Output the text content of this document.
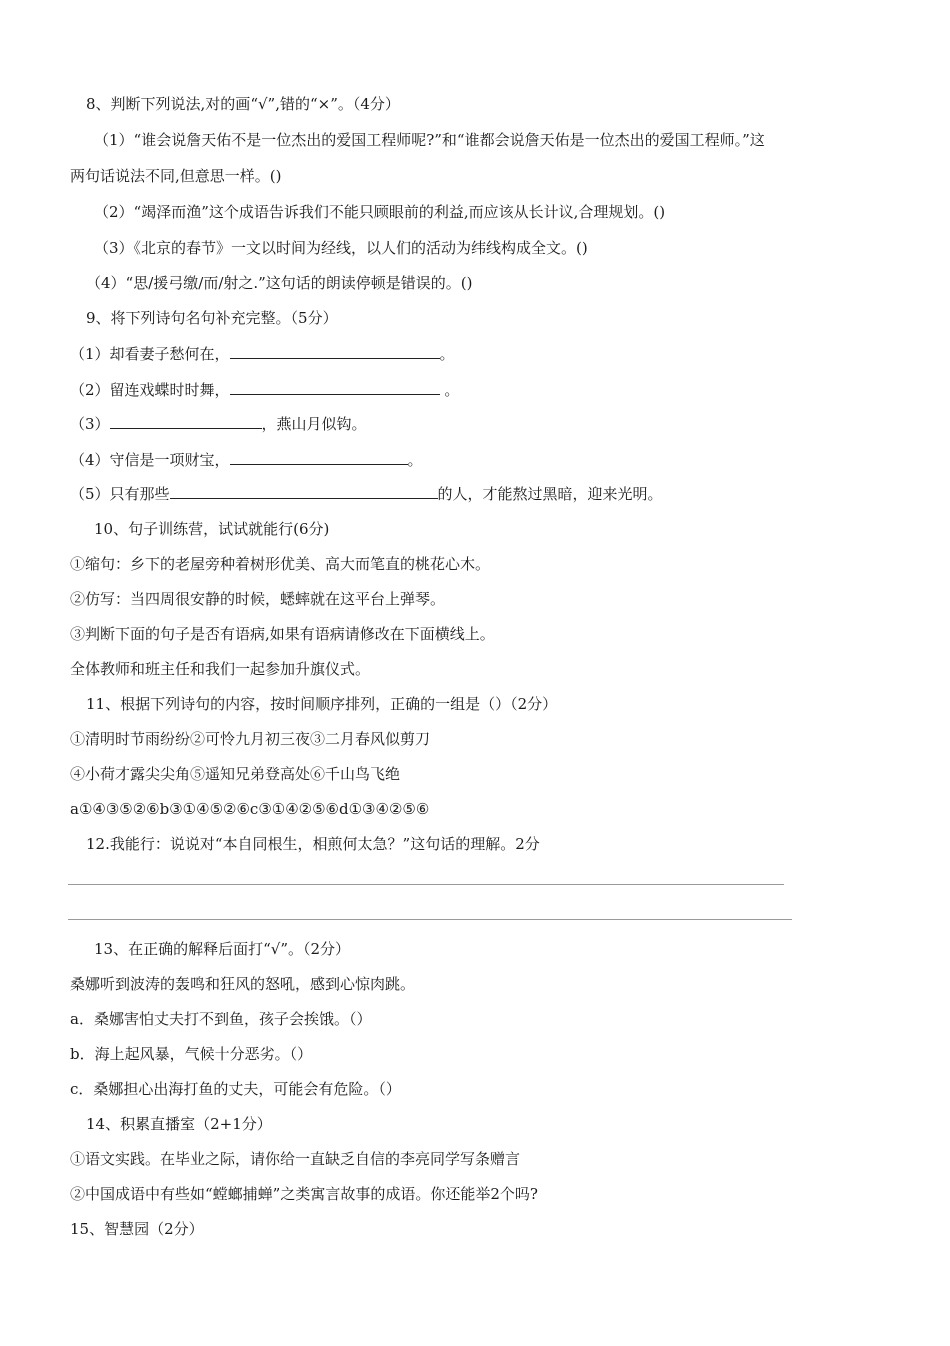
8、判断下列说法,对的画“√”,错的“×”。（4分）
（1）“谁会说詹天佑不是一位杰出的爱国工程师呢?”和“谁都会说詹天佑是一位杰出的爱国工程师。”这
两句话说法不同,但意思一样。()
（2）“竭泽而渔”这个成语告诉我们不能只顾眼前的利益,而应该从长计议,合理规划。()
（3）《北京的春节》一文以时间为经线，以人们的活动为纬线构成全文。()
（4）“思/援弓缴/而/射之.”这句话的朗读停顿是错误的。()
9、将下列诗句名句补充完整。（5分）
（1）却看妻子愁何在，	。
（2）留连戏蝶时时舞，	。
（3）	，燕山月似钩。
（4）守信是一项财宝，	。
（5）只有那些	的人，才能熬过黑暗，迎来光明。
10、句子训练营，试试就能行(6分)
①缩句：乡下的老屋旁种着树形优美、高大而笔直的桃花心木。
②仿写：当四周很安静的时候，蟋蟀就在这平台上弹琴。
③判断下面的句子是否有语病,如果有语病请修改在下面横线上。
全体教师和班主任和我们一起参加升旗仪式。
11、根据下列诗句的内容，按时间顺序排列，正确的一组是（）（2分）
①清明时节雨纷纷②可怜九月初三夜③二月春风似剪刀
④小荷才露尖尖角⑤遥知兄弟登高处⑥千山鸟飞绝
a①④③⑤②⑥b③①④⑤②⑥c③①④②⑤⑥d①③④②⑤⑥
12.我能行：说说对“本自同根生，相煎何太急？”这句话的理解。2分
13、在正确的解释后面打“√”。（2分）
桑娜听到波涛的轰鸣和狂风的怒吼，感到心惊肉跳。
a．桑娜害怕丈夫打不到鱼，孩子会挨饿。（）
b．海上起风暴，气候十分恶劣。（）
c．桑娜担心出海打鱼的丈夫，可能会有危险。（）
14、积累直播室（2+1分）
①语文实践。在毕业之际，请你给一直缺乏自信的李亮同学写条赠言
②中国成语中有些如“螳螂捕蝉”之类寓言故事的成语。你还能举2个吗?
15、智慧园（2分）
